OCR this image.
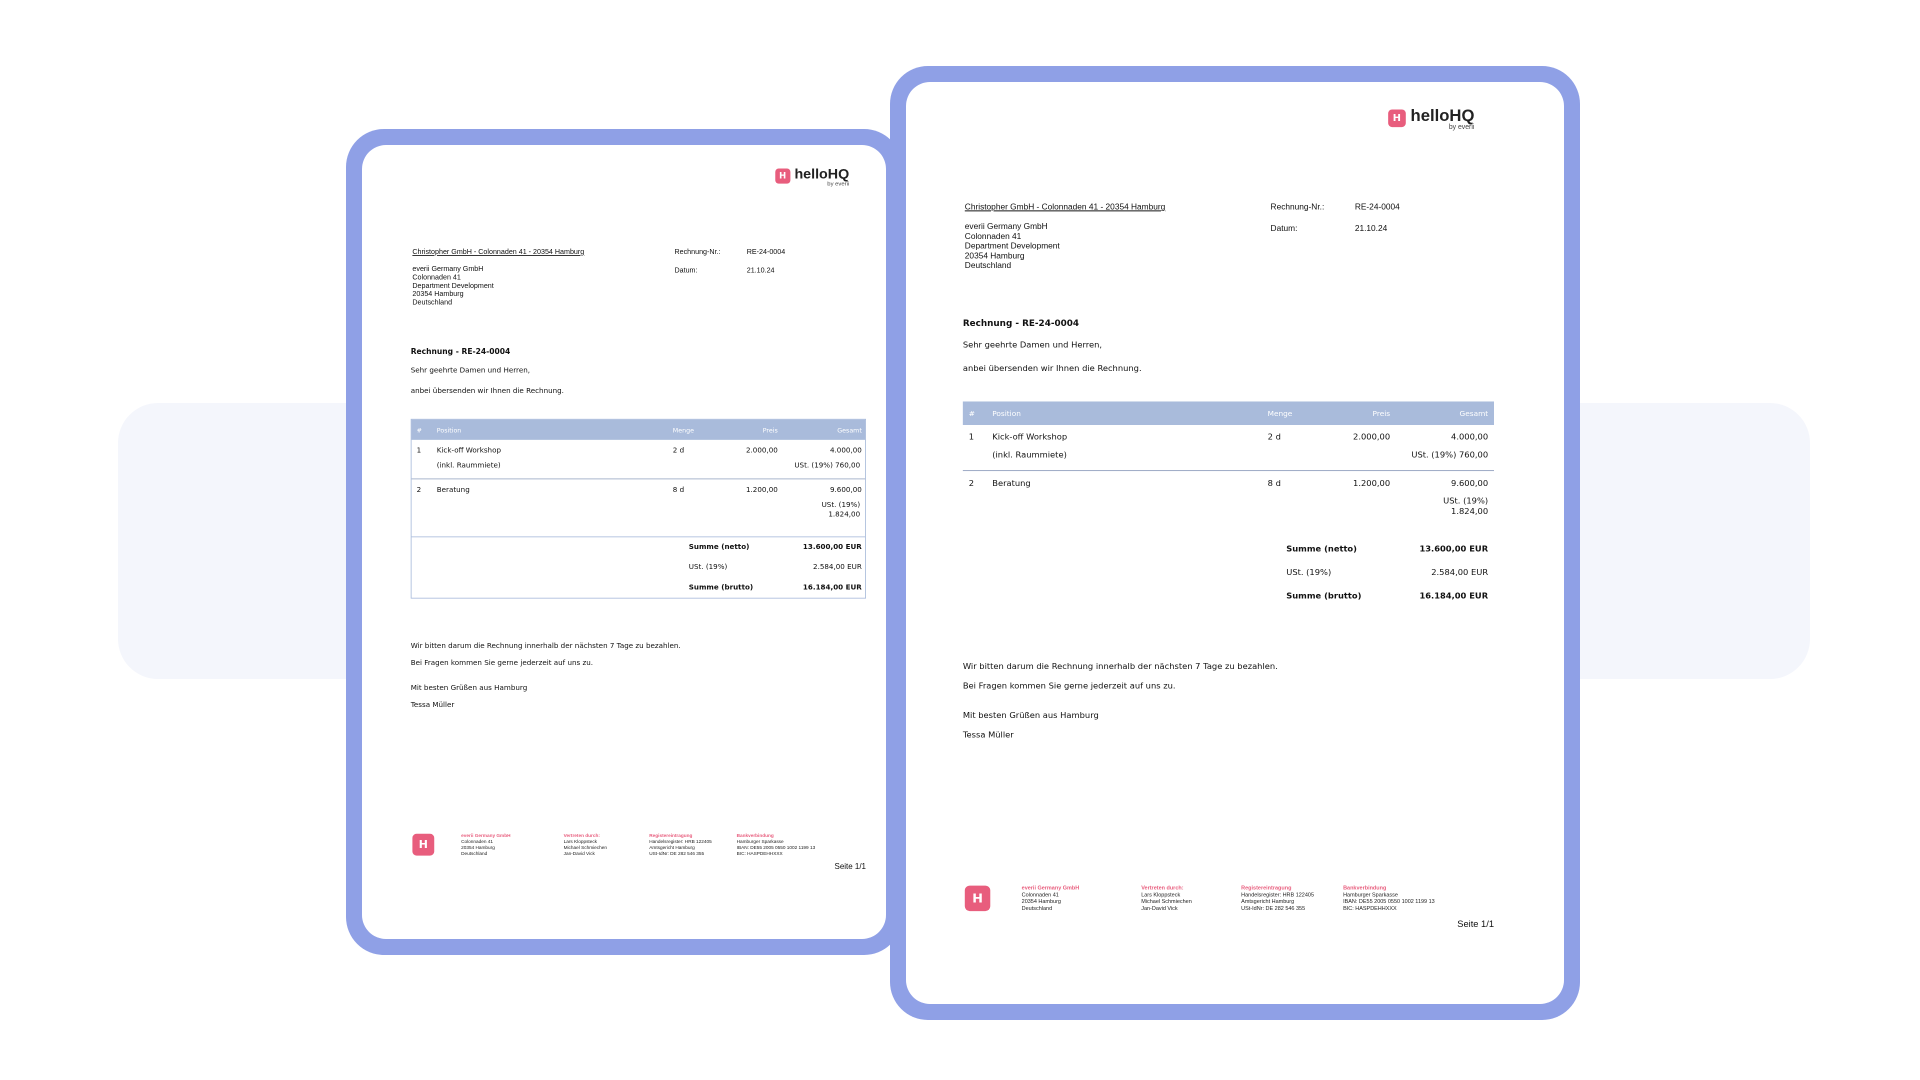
H helloHQ
by everii
Christopher GmbH - Colonnaden 41 - 20354 Hamburg
everii Germany GmbH
Colonnaden 41
Department Development
20354 Hamburg
Deutschland
Rechnung-Nr.:	RE-24-0004
Datum:	21.10.24
Rechnung - RE-24-0004
Sehr geehrte Damen und Herren,
anbei übersenden wir Ihnen die Rechnung.
#	Position	Menge	Preis	Gesamt
1	Kick-off Workshop	2 d	2.000,00	4.000,00
(inkl. Raummiete)	USt. (19%) 760,00
2	Beratung	8 d	1.200,00	9.600,00
USt. (19%)
1.824,00
Summe (netto)	13.600,00 EUR
USt. (19%)	2.584,00 EUR
Summe (brutto)	16.184,00 EUR
Wir bitten darum die Rechnung innerhalb der nächsten 7 Tage zu bezahlen.
Bei Fragen kommen Sie gerne jederzeit auf uns zu.
Mit besten Grüßen aus Hamburg
Tessa Müller
H
everii Germany GmbH
Colonnaden 41
20354 Hamburg
Deutschland
Vertreten durch:
Lars Kloppsteck
Michael Schmiechen
Jan-David Vick
Registereintragung
Handelsregister: HRB 122405
Amtsgericht Hamburg
USt-IdNr: DE 282 546 355
Bankverbindung
Hamburger Sparkasse
IBAN: DE55 2005 0550 1002 1199 13
BIC: HASPDEHHXXX
Seite 1/1
H helloHQ
by everii
Christopher GmbH - Colonnaden 41 - 20354 Hamburg
everii Germany GmbH
Colonnaden 41
Department Development
20354 Hamburg
Deutschland
Rechnung-Nr.:	RE-24-0004
Datum:	21.10.24
Rechnung - RE-24-0004
Sehr geehrte Damen und Herren,
anbei übersenden wir Ihnen die Rechnung.
#	Position	Menge	Preis	Gesamt
1	Kick-off Workshop	2 d	2.000,00	4.000,00
(inkl. Raummiete)	USt. (19%) 760,00
2	Beratung	8 d	1.200,00	9.600,00
USt. (19%)
1.824,00
Summe (netto)	13.600,00 EUR
USt. (19%)	2.584,00 EUR
Summe (brutto)	16.184,00 EUR
Wir bitten darum die Rechnung innerhalb der nächsten 7 Tage zu bezahlen.
Bei Fragen kommen Sie gerne jederzeit auf uns zu.
Mit besten Grüßen aus Hamburg
Tessa Müller
H
everii Germany GmbH
Colonnaden 41
20354 Hamburg
Deutschland
Vertreten durch:
Lars Kloppsteck
Michael Schmiechen
Jan-David Vick
Registereintragung
Handelsregister: HRB 122405
Amtsgericht Hamburg
USt-IdNr: DE 282 546 355
Bankverbindung
Hamburger Sparkasse
IBAN: DE55 2005 0550 1002 1199 13
BIC: HASPDEHHXXX
Seite 1/1
